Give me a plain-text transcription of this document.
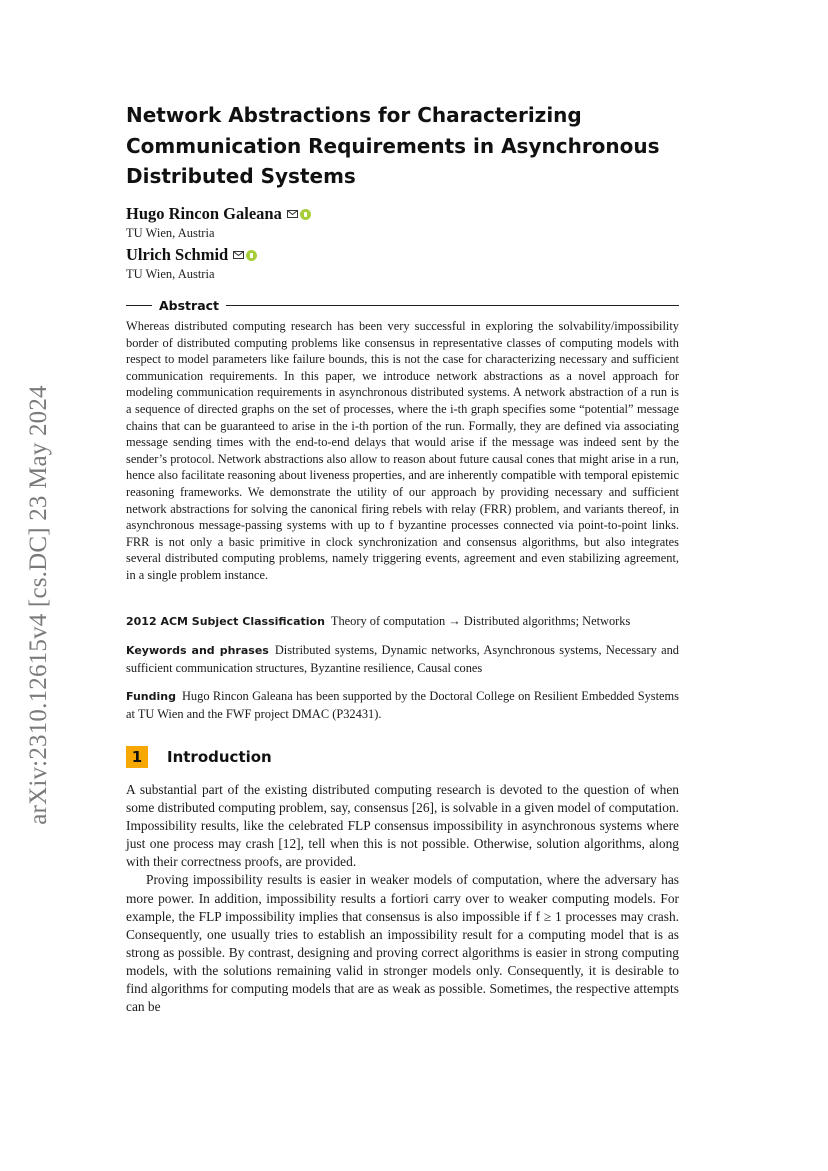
arXiv:2310.12615v4 [cs.DC] 23 May 2024
Network Abstractions for Characterizing Communication Requirements in Asynchronous Distributed Systems
Hugo Rincon Galeana
TU Wien, Austria
Ulrich Schmid
TU Wien, Austria
Abstract

Whereas distributed computing research has been very successful in exploring the solvability/impossibility border of distributed computing problems like consensus in representative classes of computing models with respect to model parameters like failure bounds, this is not the case for characterizing necessary and sufficient communication requirements. In this paper, we introduce network abstractions as a novel approach for modeling communication requirements in asynchronous distributed systems. A network abstraction of a run is a sequence of directed graphs on the set of processes, where the i-th graph specifies some “potential” message chains that can be guaranteed to arise in the i-th portion of the run. Formally, they are defined via associating message sending times with the end-to-end delays that would arise if the message was indeed sent by the sender’s protocol. Network abstractions also allow to reason about future causal cones that might arise in a run, hence also facilitate reasoning about liveness properties, and are inherently compatible with temporal epistemic reasoning frameworks. We demonstrate the utility of our approach by providing necessary and sufficient network abstractions for solving the canonical firing rebels with relay (FRR) problem, and variants thereof, in asynchronous message-passing systems with up to f byzantine processes connected via point-to-point links. FRR is not only a basic primitive in clock synchronization and consensus algorithms, but also integrates several distributed computing problems, namely triggering events, agreement and even stabilizing agreement, in a single problem instance.

2012 ACM Subject Classification Theory of computation → Distributed algorithms; Networks

Keywords and phrases Distributed systems, Dynamic networks, Asynchronous systems, Necessary and sufficient communication structures, Byzantine resilience, Causal cones

Funding Hugo Rincon Galeana has been supported by the Doctoral College on Resilient Embedded Systems at TU Wien and the FWF project DMAC (P32431).

1	Introduction

A substantial part of the existing distributed computing research is devoted to the question of when some distributed computing problem, say, consensus [26], is solvable in a given model of computation. Impossibility results, like the celebrated FLP consensus impossibility in asynchronous systems where just one process may crash [12], tell when this is not possible. Otherwise, solution algorithms, along with their correctness proofs, are provided.

Proving impossibility results is easier in weaker models of computation, where the adversary has more power. In addition, impossibility results a fortiori carry over to weaker computing models. For example, the FLP impossibility implies that consensus is also impossible if f ≥ 1 processes may crash. Consequently, one usually tries to establish an impossibility result for a computing model that is as strong as possible. By contrast, designing and proving correct algorithms is easier in strong computing models, with the solutions remaining valid in stronger models only. Consequently, it is desirable to find algorithms for computing models that are as weak as possible. Sometimes, the respective attempts can be
